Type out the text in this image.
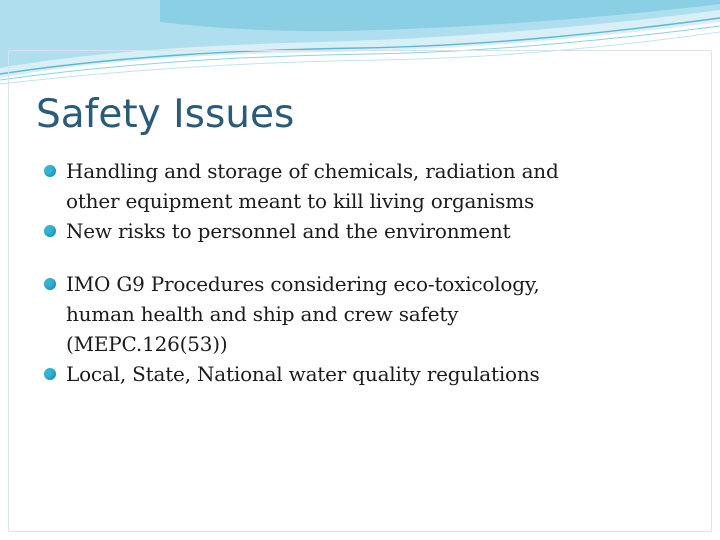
Safety Issues
Handling and storage of chemicals, radiation and
other equipment meant to kill living organisms
New risks to personnel and the environment
IMO G9 Procedures considering eco-toxicology,
human health and ship and crew safety
(MEPC.126(53))
Local, State, National water quality regulations
